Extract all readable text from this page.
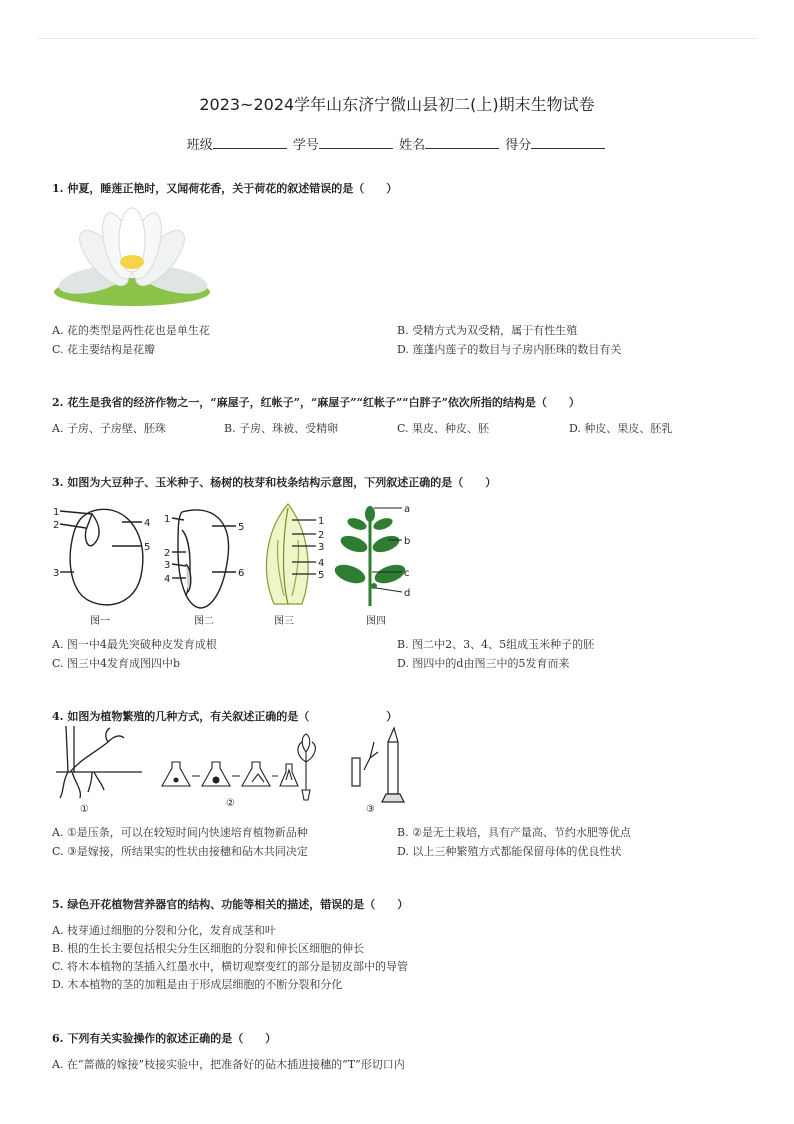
2023~2024学年山东济宁微山县初二(上)期末生物试卷
班级	学号	姓名	得分
1. 仲夏，睡莲正艳时，又闻荷花香，关于荷花的叙述错误的是（　　）
A. 花的类型是两性花也是单生花	B. 受精方式为双受精，属于有性生殖
C. 花主要结构是花瓣	D. 莲蓬内莲子的数目与子房内胚珠的数目有关
2. 花生是我省的经济作物之一，“麻屋子，红帐子”，“麻屋子”“红帐子”“白胖子”依次所指的结构是（　　）
A. 子房、子房壁、胚珠	B. 子房、珠被、受精卵	C. 果皮、种皮、胚	D. 种皮、果皮、胚乳
3. 如图为大豆种子、玉米种子、杨树的枝芽和枝条结构示意图，下列叙述正确的是（　　）
1
2
3
4
5
图一
1
2
3
4
5
6
图二
1
2
3
4
5
图三
a
b
c
d
图四
A. 图一中4最先突破种皮发育成根	B. 图二中2、3、4、5组成玉米种子的胚
C. 图三中4发育成图四中b	D. 图四中的d由图三中的5发育而来
4. 如图为植物繁殖的几种方式，有关叙述正确的是（　　　　　　　）
①
②
③
A. ①是压条，可以在较短时间内快速培育植物新品种	B. ②是无土栽培，具有产量高、节约水肥等优点
C. ③是嫁接，所结果实的性状由接穗和砧木共同决定	D. 以上三种繁殖方式都能保留母体的优良性状
5. 绿色开花植物营养器官的结构、功能等相关的描述，错误的是（　　）
A. 枝芽通过细胞的分裂和分化，发育成茎和叶
B. 根的生长主要包括根尖分生区细胞的分裂和伸长区细胞的伸长
C. 将木本植物的茎插入红墨水中，横切观察变红的部分是韧皮部中的导管
D. 木本植物的茎的加粗是由于形成层细胞的不断分裂和分化
6. 下列有关实验操作的叙述正确的是（　　）
A. 在“蔷薇的嫁接”枝接实验中，把准备好的砧木插进接穗的“T”形切口内
